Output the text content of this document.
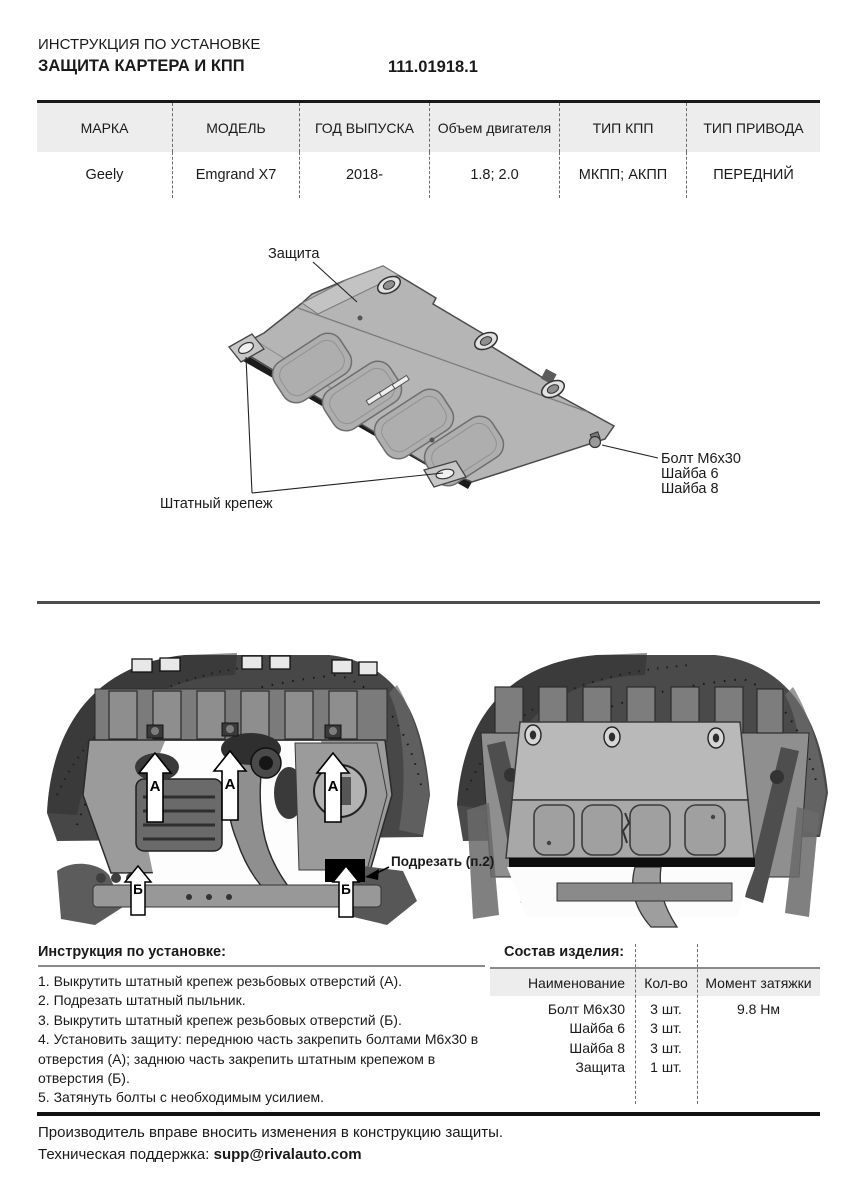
ИНСТРУКЦИЯ ПО УСТАНОВКЕ
ЗАЩИТА КАРТЕРА И КПП	111.01918.1
МАРКА	МОДЕЛЬ	ГОД ВЫПУСКА	Объем двигателя	ТИП КПП	ТИП ПРИВОДА
Geely	Emgrand X7	2018-	1.8; 2.0	МКПП; АКПП	ПЕРЕДНИЙ
Защита
Штатный крепеж
Болт М6х30
Шайба 6
Шайба 8
А	А	А
Б	Б
Подрезать (п.2)
Инструкция по установке:
1. Выкрутить штатный крепеж резьбовых отверстий (А).
2. Подрезать штатный пыльник.
3. Выкрутить штатный крепеж резьбовых отверстий (Б).
4. Установить защиту: переднюю часть закрепить болтами М6х30 в отверстия (А); заднюю часть закрепить штатным крепежом в отверстия (Б).
5. Затянуть болты с необходимым усилием.
Состав изделия:
Наименование	Кол-во	Момент затяжки
Болт М6х30	3 шт.	9.8 Нм
Шайба 6	3 шт.
Шайба 8	3 шт.
Защита	1 шт.
Производитель вправе вносить изменения в конструкцию защиты.
Техническая поддержка: supp@rivalauto.com
